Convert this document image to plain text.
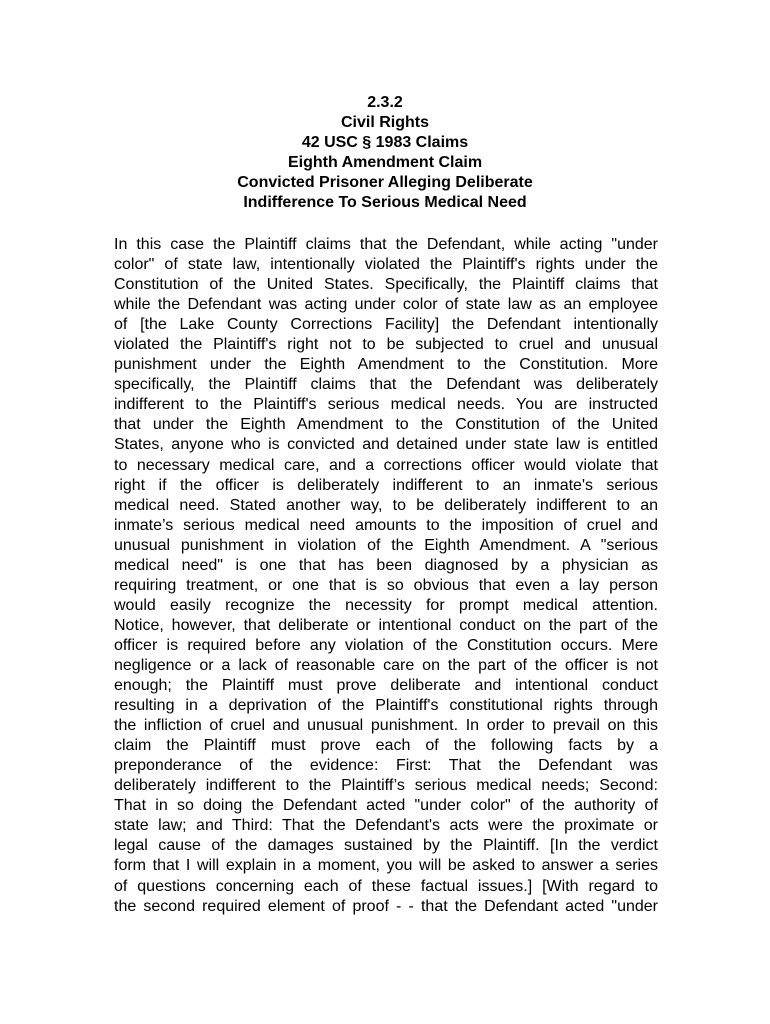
2.3.2
Civil Rights
42 USC § 1983 Claims
Eighth Amendment Claim
Convicted Prisoner Alleging Deliberate
Indifference To Serious Medical Need
In this case the Plaintiff claims that the Defendant, while acting "under
color" of state law, intentionally violated the Plaintiff's rights under the
Constitution of the United States. Specifically, the Plaintiff claims that
while the Defendant was acting under color of state law as an employee
of [the Lake County Corrections Facility] the Defendant intentionally
violated the Plaintiff's right not to be subjected to cruel and unusual
punishment under the Eighth Amendment to the Constitution. More
specifically, the Plaintiff claims that the Defendant was deliberately
indifferent to the Plaintiff's serious medical needs. You are instructed
that under the Eighth Amendment to the Constitution of the United
States, anyone who is convicted and detained under state law is entitled
to necessary medical care, and a corrections officer would violate that
right if the officer is deliberately indifferent to an inmate's serious
medical need. Stated another way, to be deliberately indifferent to an
inmate’s serious medical need amounts to the imposition of cruel and
unusual punishment in violation of the Eighth Amendment. A "serious
medical need" is one that has been diagnosed by a physician as
requiring treatment, or one that is so obvious that even a lay person
would easily recognize the necessity for prompt medical attention.
Notice, however, that deliberate or intentional conduct on the part of the
officer is required before any violation of the Constitution occurs. Mere
negligence or a lack of reasonable care on the part of the officer is not
enough; the Plaintiff must prove deliberate and intentional conduct
resulting in a deprivation of the Plaintiff's constitutional rights through
the infliction of cruel and unusual punishment. In order to prevail on this
claim the Plaintiff must prove each of the following facts by a
preponderance of the evidence: First: That the Defendant was
deliberately indifferent to the Plaintiff’s serious medical needs; Second:
That in so doing the Defendant acted "under color" of the authority of
state law; and Third: That the Defendant's acts were the proximate or
legal cause of the damages sustained by the Plaintiff. [In the verdict
form that I will explain in a moment, you will be asked to answer a series
of questions concerning each of these factual issues.] [With regard to
the second required element of proof - - that the Defendant acted "under
